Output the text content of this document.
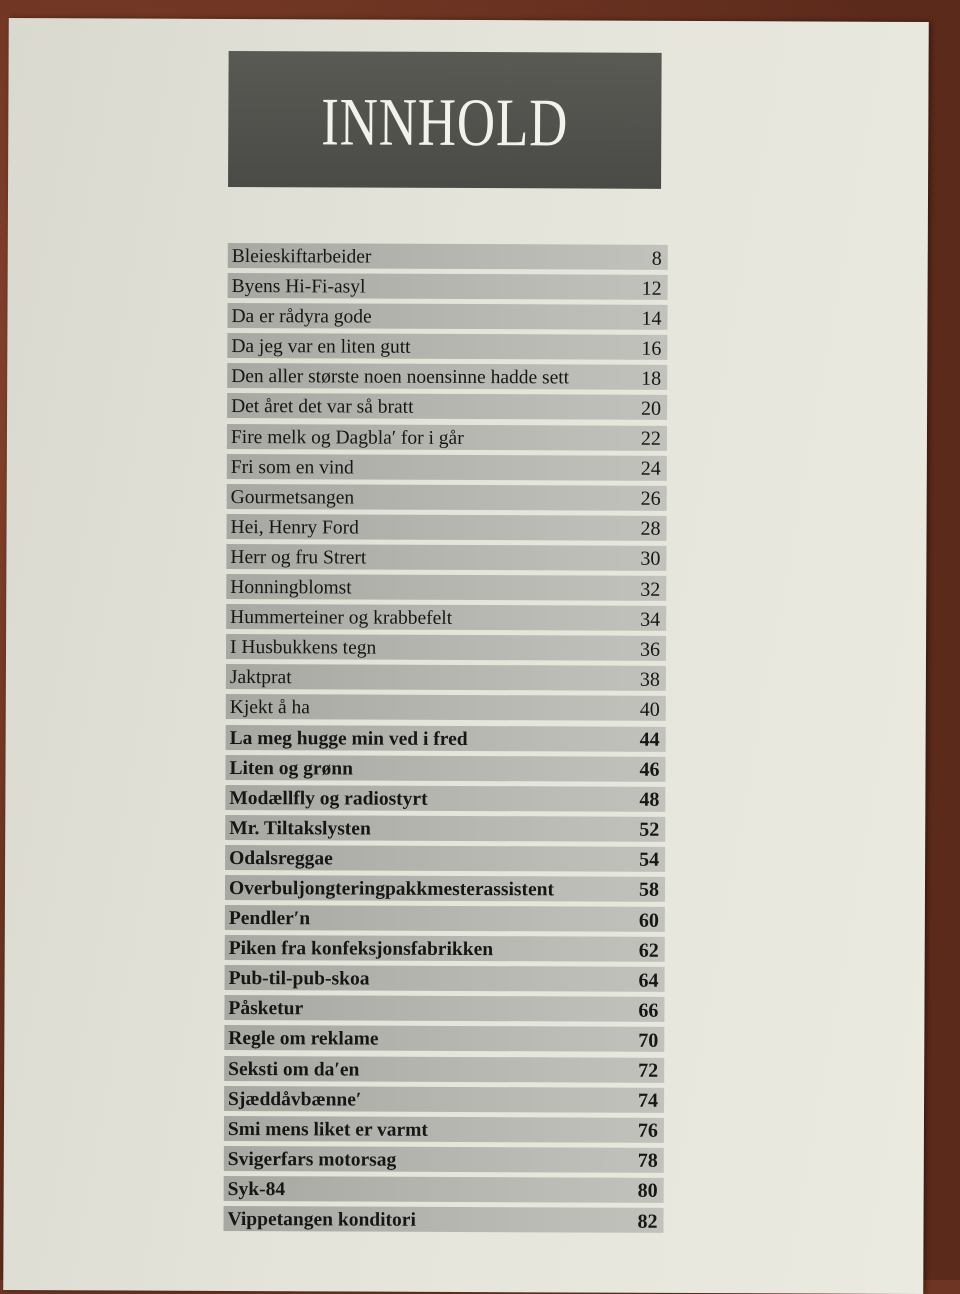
INNHOLD
Bleieskiftarbeider	8
Byens Hi-Fi-asyl	12
Da er rådyra gode	14
Da jeg var en liten gutt	16
Den aller største noen noensinne hadde sett	18
Det året det var så bratt	20
Fire melk og Dagbla′ for i går	22
Fri som en vind	24
Gourmetsangen	26
Hei, Henry Ford	28
Herr og fru Strert	30
Honningblomst	32
Hummerteiner og krabbefelt	34
I Husbukkens tegn	36
Jaktprat	38
Kjekt å ha	40
La meg hugge min ved i fred	44
Liten og grønn	46
Modællfly og radiostyrt	48
Mr. Tiltakslysten	52
Odalsreggae	54
Overbuljongteringpakkmesterassistent	58
Pendler′n	60
Piken fra konfeksjonsfabrikken	62
Pub-til-pub-skoa	64
Påsketur	66
Regle om reklame	70
Seksti om da′en	72
Sjæddåvbænne′	74
Smi mens liket er varmt	76
Svigerfars motorsag	78
Syk-84	80
Vippetangen konditori	82
